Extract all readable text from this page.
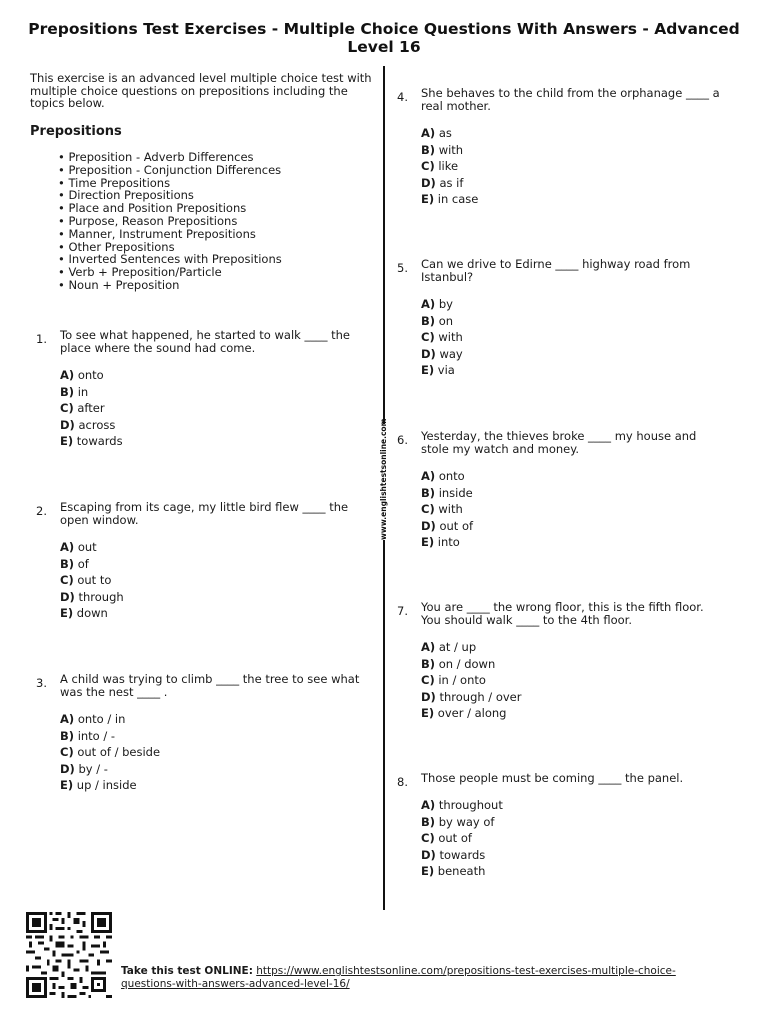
Prepositions Test Exercises - Multiple Choice Questions With Answers - Advanced Level 16
www.englishtestsonline.com
This exercise is an advanced level multiple choice test with multiple choice questions on prepositions including the topics below.
Prepositions
• Preposition - Adverb Differences
• Preposition - Conjunction Differences
• Time Prepositions
• Direction Prepositions
• Place and Position Prepositions
• Purpose, Reason Prepositions
• Manner, Instrument Prepositions
• Other Prepositions
• Inverted Sentences with Prepositions
• Verb + Preposition/Particle
• Noun + Preposition
1. To see what happened, he started to walk ____ the place where the sound had come.
A) onto
B) in
C) after
D) across
E) towards
2. Escaping from its cage, my little bird flew ____ the open window.
A) out
B) of
C) out to
D) through
E) down
3. A child was trying to climb ____ the tree to see what was the nest ____ .
A) onto / in
B) into / -
C) out of / beside
D) by / -
E) up / inside
4. She behaves to the child from the orphanage ____ a real mother.
A) as
B) with
C) like
D) as if
E) in case
5. Can we drive to Edirne ____ highway road from Istanbul?
A) by
B) on
C) with
D) way
E) via
6. Yesterday, the thieves broke ____ my house and stole my watch and money.
A) onto
B) inside
C) with
D) out of
E) into
7. You are ____ the wrong floor, this is the fifth floor. You should walk ____ to the 4th floor.
A) at / up
B) on / down
C) in / onto
D) through / over
E) over / along
8. Those people must be coming ____ the panel.
A) throughout
B) by way of
C) out of
D) towards
E) beneath
Take this test ONLINE: https://www.englishtestsonline.com/prepositions-test-exercises-multiple-choice-questions-with-answers-advanced-level-16/
